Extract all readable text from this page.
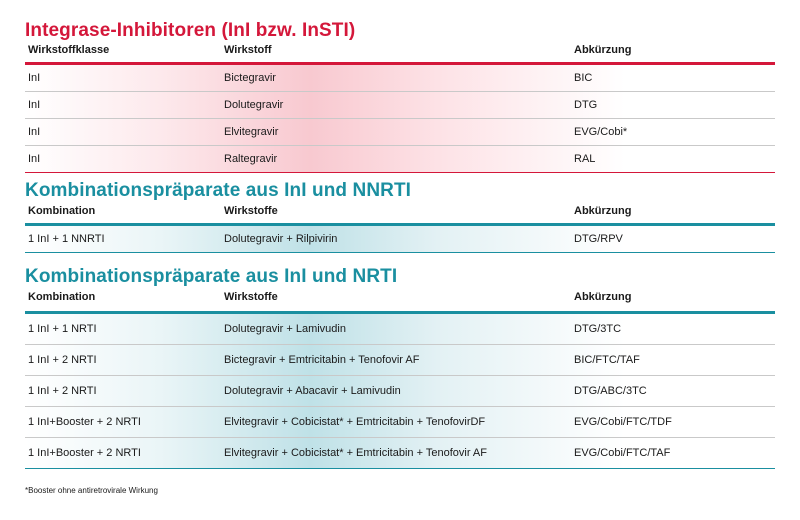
Integrase-Inhibitoren (InI bzw. InSTI)
Wirkstoffklasse	Wirkstoff	Abkürzung
InI	Bictegravir	BIC
InI	Dolutegravir	DTG
InI	Elvitegravir	EVG/Cobi*
InI	Raltegravir	RAL
Kombinationspräparate aus InI und NNRTI
Kombination	Wirkstoffe	Abkürzung
1 InI + 1 NNRTI	Dolutegravir + Rilpivirin	DTG/RPV
Kombinationspräparate aus InI und NRTI
Kombination	Wirkstoffe	Abkürzung
1 InI + 1 NRTI	Dolutegravir + Lamivudin	DTG/3TC
1 InI + 2 NRTI	Bictegravir + Emtricitabin + Tenofovir AF	BIC/FTC/TAF
1 InI + 2 NRTI	Dolutegravir + Abacavir + Lamivudin	DTG/ABC/3TC
1 InI+Booster + 2 NRTI	Elvitegravir + Cobicistat* + Emtricitabin + TenofovirDF	EVG/Cobi/FTC/TDF
1 InI+Booster + 2 NRTI	Elvitegravir + Cobicistat* + Emtricitabin + Tenofovir AF	EVG/Cobi/FTC/TAF
*Booster ohne antiretrovirale Wirkung
